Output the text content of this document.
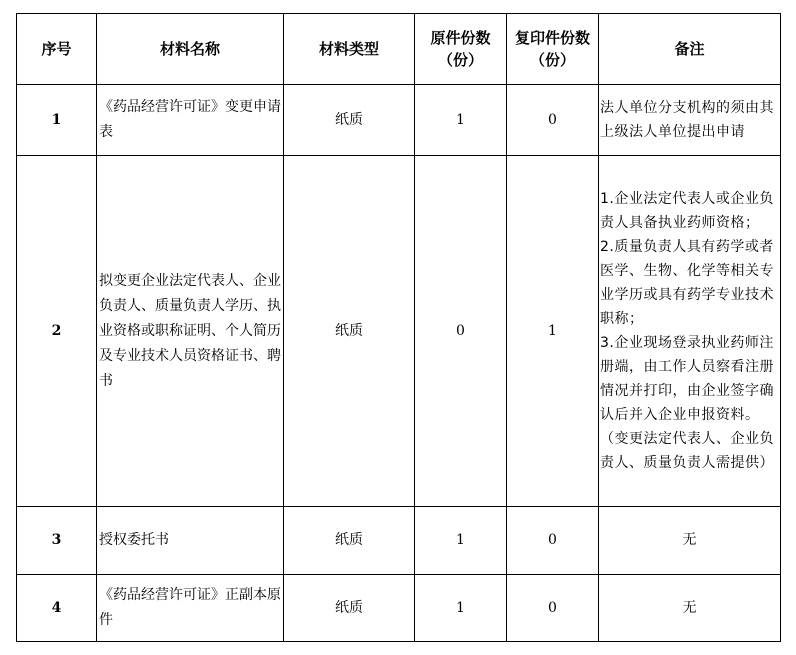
序号	材料名称	材料类型	原件份数（份）	复印件份数（份）	备注
1	《药品经营许可证》变更申请表	纸质	1	0	法人单位分支机构的须由其上级法人单位提出申请

2	拟变更企业法定代表人、企业负责人、质量负责人学历、执业资格或职称证明、个人简历及专业技术人员资格证书、聘书	纸质	0	1	1.企业法定代表人或企业负责人具备执业药师资格；
2.质量负责人具有药学或者医学、生物、化学等相关专业学历或具有药学专业技术职称；
3.企业现场登录执业药师注册端，由工作人员察看注册情况并打印，由企业签字确认后并入企业申报资料。（变更法定代表人、企业负责人、质量负责人需提供）

3	授权委托书	纸质	1	0	无
4	《药品经营许可证》正副本原件	纸质	1	0	无
